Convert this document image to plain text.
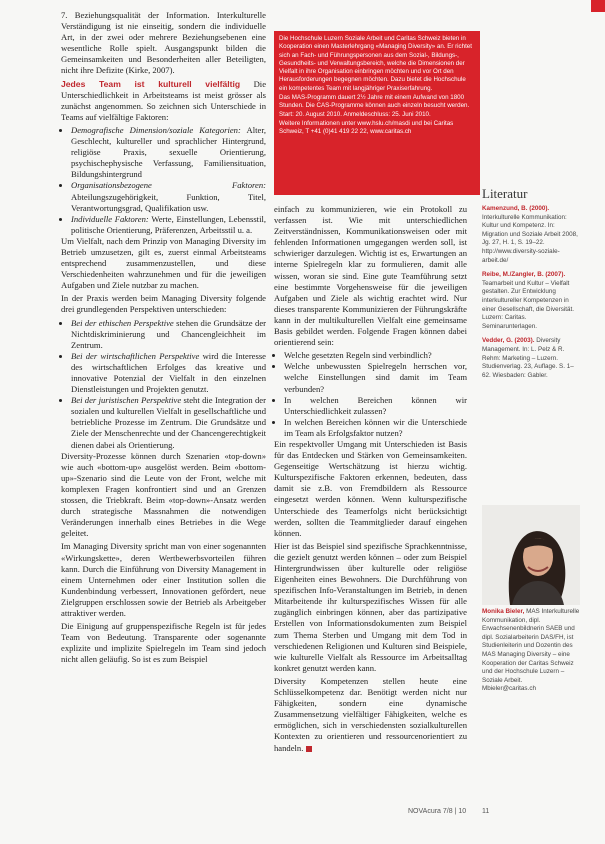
7. Beziehungsqualität der Information. Interkulturelle Verständigung ist nie einseitig, sondern die individuelle Art, in der zwei oder mehrere Beziehungsebenen eine wesentliche Rolle spielt. Ausgangspunkt bilden die Gemeinsamkeiten und Besonderheiten aller Beteiligten, nicht ihre Defizite (Kirke, 2007).

Jedes Team ist kulturell vielfältig Die Unterschiedlichkeit in Arbeitsteams ist meist grösser als zunächst angenommen. So zeichnen sich Unterschiede in Teams auf vielfältige Faktoren:

• Demografische Dimension/soziale Kategorien: Alter, Geschlecht, kultureller und sprachlicher Hintergrund, religiöse Praxis, sexuelle Orientierung, psychischephysische Verfassung, Familiensituation, Bildungshintergrund
• Organisationsbezogene Faktoren: Abteilungszugehörigkeit, Funktion, Titel, Verantwortungsgrad, Qualifikation usw.
• Individuelle Faktoren: Werte, Einstellungen, Lebensstil, politische Orientierung, Präferenzen, Arbeitsstil u. a.

Um Vielfalt, nach dem Prinzip von Managing Diversity im Betrieb umzusetzen, gilt es, zuerst einmal Arbeitsteams entsprechend zusammenzustellen, und diese Verschiedenheiten wahrzunehmen und für die jeweiligen Aufgaben und Ziele nutzbar zu machen.

In der Praxis werden beim Managing Diversity folgende drei grundlegenden Perspektiven unterschieden:

• Bei der ethischen Perspektive stehen die Grundsätze der Nichtdiskriminierung und Chancengleichheit im Zentrum.
• Bei der wirtschaftlichen Perspektive wird die Interesse des wirtschaftlichen Erfolges das kreative und innovative Potenzial der Vielfalt in den einzelnen Dienstleistungen und Projekten genutzt.
• Bei der juristischen Perspektive steht die Integration der sozialen und kulturellen Vielfalt in gesellschaftliche und betriebliche Prozesse im Zentrum. Die Grundsätze und Ziele der Menschenrechte und der Chancengerechtigkeit dienen dabei als Orientierung.

Diversity-Prozesse können durch Szenarien «top-down» wie auch «bottom-up» ausgelöst werden. Beim «bottom-up»-Szenario sind die Leute von der Front, welche mit komplexen Fragen konfrontiert sind und an Grenzen stossen, die Triebkraft. Beim «top-down»-Ansatz werden durch strategische Massnahmen die notwendigen Veränderungen innerhalb eines Betriebes in die Wege geleitet.

Im Managing Diversity spricht man von einer sogenannten «Wirkungskette», deren Wertbewerbsvorteilen führen kann. Durch die Einführung von Diversity Management in einem Unternehmen oder einer Institution sollen die Kundenbindung verbessert, Innovationen gefördert, neue Zielgruppen erschlossen sowie der Betrieb als Arbeitgeber attraktiver werden.

Die Einigung auf gruppenspezifische Regeln ist für jedes Team von Bedeutung. Transparente oder sogenannte explizite und implizite Spielregeln im Team sind jedoch nicht allen geläufig. So ist es zum Beispiel

Die Hochschule Luzern Soziale Arbeit und Caritas Schweiz bieten in Kooperation einen Masterlehrgang «Managing Diversity» an. Er richtet sich an Fach- und Führungspersonen aus dem Sozial-, Bildungs-, Gesundheits- und Verwaltungsbereich, welche die Dimensionen der Vielfalt in ihre Organisation einbringen möchten und vor Ort den Herausforderungen begegnen möchten. Dazu bietet die Hochschule ein kompetentes Team mit langjähriger Praxiserfahrung.

Das MAS-Programm dauert 2½ Jahre mit einem Aufwand von 1800 Stunden. Die CAS-Programme können auch einzeln besucht werden. Start: 20. August 2010. Anmeldeschluss: 25. Juni 2010.

Weitere Informationen unter www.hslu.ch/masdi und bei Caritas Schweiz, T +41 (0)41 419 22 22, www.caritas.ch

einfach zu kommunizieren, wie ein Protokoll zu verfassen ist. Wie mit unterschiedlichen Zeitverständnissen, Kommunikationsweisen oder mit fehlenden Informationen umgegangen werden soll, ist schwieriger darzulegen. Wichtig ist es, Erwartungen an interne Spielregeln klar zu formulieren, damit alle wissen, woran sie sind. Eine gute Teamführung setzt eine bestimmte Vorgehensweise für die jeweiligen Aufgaben und Ziele als wichtig erachtet wird. Nur dieses transparente Kommunizieren der Führungskräfte kann in der multikulturellen Vielfalt eine gemeinsame Basis gebildet werden. Folgende Fragen können dabei orientierend sein:

• Welche gesetzten Regeln sind verbindlich?
• Welche unbewussten Spielregeln herrschen vor, welche Einstellungen sind damit im Team verbunden?
• In welchen Bereichen können wir Unterschiedlichkeit zulassen?
• In welchen Bereichen können wir die Unterschiede im Team als Erfolgsfaktor nutzen?

Ein respektvoller Umgang mit Unterschieden ist Basis für das Entdecken und Stärken von Gemeinsamkeiten. Gegenseitige Wertschätzung ist hierzu wichtig. Kulturspezifische Faktoren erkennen, bedeuten, dass damit sie z.B. von Fremdbildern als Ressource eingesetzt werden können. Wenn kulturspezifische Unterschiede des Teamerfolgs nicht berücksichtigt werden, sollten die Teammitglieder darauf eingehen können.

Hier ist das Beispiel sind spezifische Sprachkenntnisse, die gezielt genutzt werden können – oder zum Beispiel Hintergrundwissen über kulturelle oder religiöse Eigenheiten eines Bewohners. Die Durchführung von spezifischen Info-Veranstaltungen im Betrieb, in denen Mitarbeitende ihr kulturspezifisches Wissen für alle zugänglich einbringen können, aber das partizipative Erstellen von Informationsdokumenten zum Beispiel zum Thema Sterben und Umgang mit dem Tod in verschiedenen Religionen und Kulturen sind Beispiele, wie kulturelle Vielfalt als Ressource im Arbeitsalltag konkret genutzt werden kann.

Diversity Kompetenzen stellen heute eine Schlüsselkompetenz dar. Benötigt werden nicht nur Fähigkeiten, sondern eine dynamische Zusammensetzung vielfältiger Fähigkeiten, welche es ermöglichen, sich in verschiedensten sozialkulturellen Kontexten zu orientieren und ressourcenorientiert zu handeln.

Literatur
Kamenzund, B. (2000). Interkulturelle Kommunikation: Kultur und Kompetenz. In: Migration und Soziale Arbeit 2008, Jg. 27, H. 1, S. 19–22. http://www.diversity-soziale-arbeit.de/
Reibe, M./Zangler, B. (2007). Teamarbeit und Kultur – Vielfalt gestalten. Zur Entwicklung interkultureller Kompetenzen in einer Gesellschaft, die Diversität. Luzern: Caritas. Seminarunterlagen.
Vedder, G. (2003). Diversity Management. In: L. Pelz & R. Rehm: Marketing – Luzern. Studienverlag. 23, Auflage. S. 1–62. Wiesbaden: Gabler.
Monika Bieler, MAS Interkulturelle Kommunikation, dipl. Erwachsenenbildnerin SAEB und dipl. Sozialarbeiterin DAS/FH, ist Studienleiterin und Dozentin des MAS Managing Diversity – eine Kooperation der Caritas Schweiz und der Hochschule Luzern – Soziale Arbeit.
Mbieler@caritas.ch
NOVAcura 7/8 | 10 11
